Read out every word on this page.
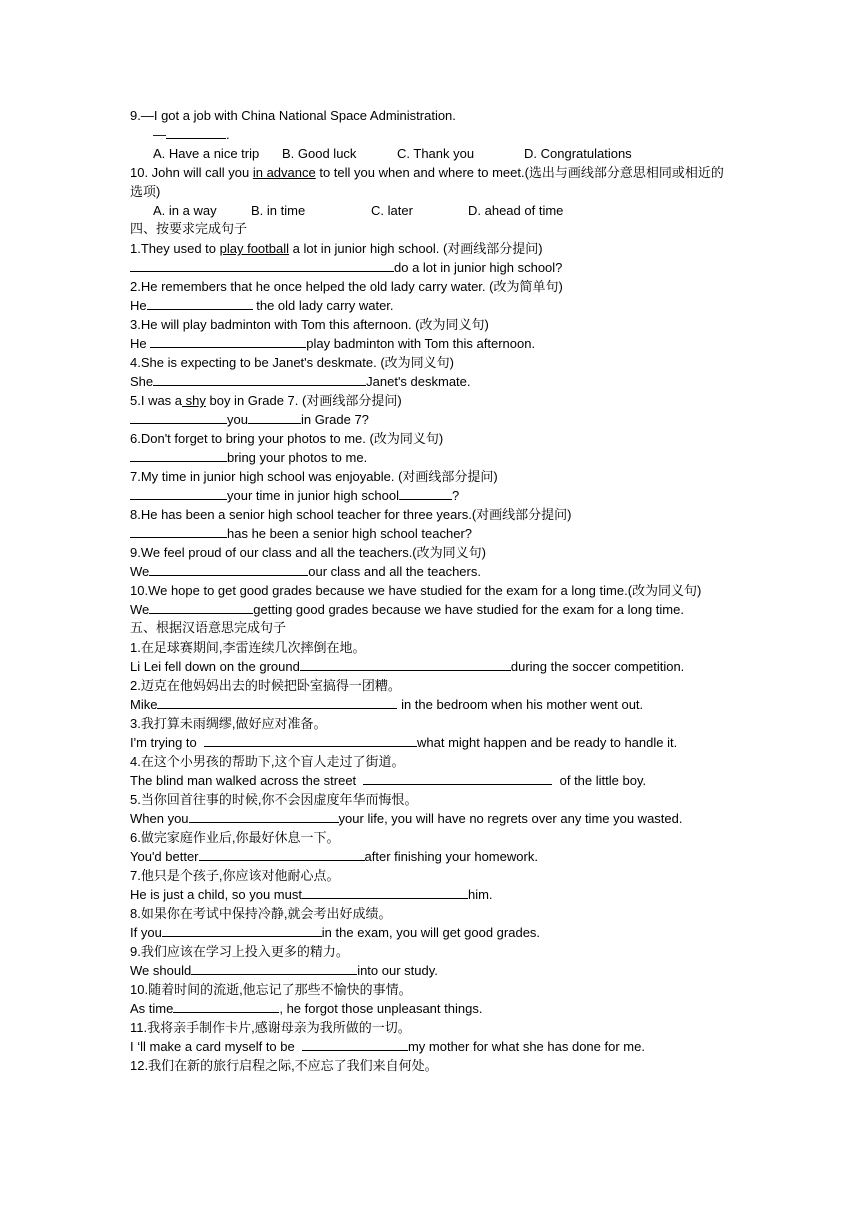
9.—I got a job with China National Space Administration.
—	.
A. Have a nice trip B. Good luck	C. Thank you	D. Congratulations
10. John will call you in advance to tell you when and where to meet.(选出与画线部分意思相同或相近的选项)
A. in a way	B. in time	C. later	D. ahead of time
四、按要求完成句子
1.They used to play football a lot in junior high school. (对画线部分提问)
do a lot in junior high school?
2.He remembers that he once helped the old lady carry water. (改为简单句)
He	the old lady carry water.
3.He will play badminton with Tom this afternoon. (改为同义句)
He	play badminton with Tom this afternoon.
4.She is expecting to be Janet's deskmate. (改为同义句)
She	Janet's deskmate.
5.I was a shy boy in Grade 7. (对画线部分提问)
you	in Grade 7?
6.Don't forget to bring your photos to me. (改为同义句)
bring your photos to me.
7.My time in junior high school was enjoyable. (对画线部分提问)
your time in junior high school	?
8.He has been a senior high school teacher for three years.(对画线部分提问)
has he been a senior high school teacher?
9.We feel proud of our class and all the teachers.(改为同义句)
We	our class and all the teachers.
10.We hope to get good grades because we have studied for the exam for a long time.(改为同义句)
We	getting good grades because we have studied for the exam for a long time.
五、根据汉语意思完成句子
1.在足球赛期间,李雷连续几次摔倒在地。
Li Lei fell down on the ground	during the soccer competition.
2.迈克在他妈妈出去的时候把卧室搞得一团糟。
Mike	in the bedroom when his mother went out.
3.我打算未雨绸缪,做好应对准备。
I'm trying to	what might happen and be ready to handle it.
4.在这个小男孩的帮助下,这个盲人走过了街道。
The blind man walked across the street	of the little boy.
5.当你回首往事的时候,你不会因虚度年华而悔恨。
When you	your life, you will have no regrets over any time you wasted.
6.做完家庭作业后,你最好休息一下。
You'd better	after finishing your homework.
7.他只是个孩子,你应该对他耐心点。
He is just a child, so you must	him.
8.如果你在考试中保持冷静,就会考出好成绩。
If you	in the exam, you will get good grades.
9.我们应该在学习上投入更多的精力。
We should	into our study.
10.随着时间的流逝,他忘记了那些不愉快的事情。
As time	, he forgot those unpleasant things.
11.我将亲手制作卡片,感谢母亲为我所做的一切。
I ‘ll make a card myself to be	my mother for what she has done for me.
12.我们在新的旅行启程之际,不应忘了我们来自何处。
